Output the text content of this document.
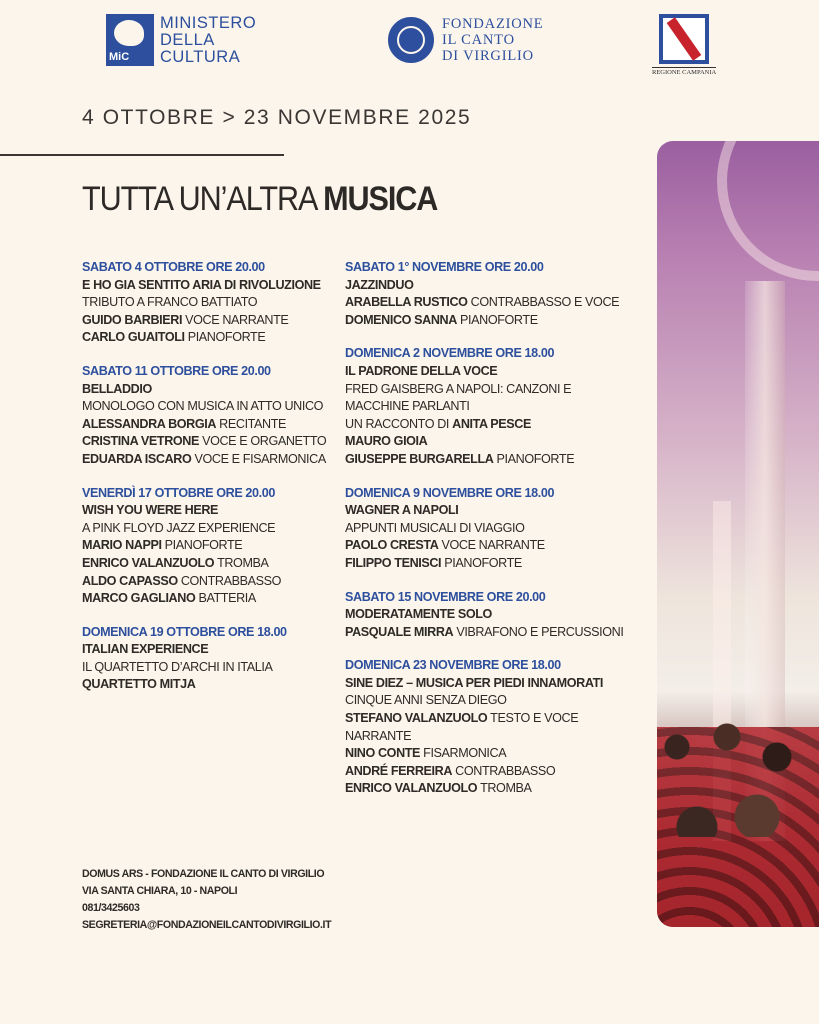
MiC
MINISTERO
DELLA
CULTURA
FONDAZIONE
IL CANTO
DI VIRGILIO
REGIONE CAMPANIA
4 OTTOBRE > 23 NOVEMBRE 2025
TUTTA UN’ALTRA MUSICA
SABATO 4 OTTOBRE ORE 20.00
E HO GIA SENTITO ARIA DI RIVOLUZIONE
TRIBUTO A FRANCO BATTIATO
GUIDO BARBIERI VOCE NARRANTE
CARLO GUAITOLI PIANOFORTE
SABATO 11 OTTOBRE ORE 20.00
BELLADDIO
MONOLOGO CON MUSICA IN ATTO UNICO
ALESSANDRA BORGIA RECITANTE
CRISTINA VETRONE VOCE E ORGANETTO
EDUARDA ISCARO VOCE E FISARMONICA
VENERDÌ 17 OTTOBRE ORE 20.00
WISH YOU WERE HERE
A PINK FLOYD JAZZ EXPERIENCE
MARIO NAPPI PIANOFORTE
ENRICO VALANZUOLO TROMBA
ALDO CAPASSO CONTRABBASSO
MARCO GAGLIANO BATTERIA
DOMENICA 19 OTTOBRE ORE 18.00
ITALIAN EXPERIENCE
IL QUARTETTO D’ARCHI IN ITALIA
QUARTETTO MITJA
SABATO 1° NOVEMBRE ORE 20.00
JAZZINDUO
ARABELLA RUSTICO CONTRABBASSO E VOCE
DOMENICO SANNA PIANOFORTE
DOMENICA 2 NOVEMBRE ORE 18.00
IL PADRONE DELLA VOCE
FRED GAISBERG A NAPOLI: CANZONI E MACCHINE PARLANTI
UN RACCONTO DI ANITA PESCE
MAURO GIOIA
GIUSEPPE BURGARELLA PIANOFORTE
DOMENICA 9 NOVEMBRE ORE 18.00
WAGNER A NAPOLI
APPUNTI MUSICALI DI VIAGGIO
PAOLO CRESTA VOCE NARRANTE
FILIPPO TENISCI PIANOFORTE
SABATO 15 NOVEMBRE ORE 20.00
MODERATAMENTE SOLO
PASQUALE MIRRA VIBRAFONO E PERCUSSIONI
DOMENICA 23 NOVEMBRE ORE 18.00
SINE DIEZ – MUSICA PER PIEDI INNAMORATI
CINQUE ANNI SENZA DIEGO
STEFANO VALANZUOLO TESTO E VOCE NARRANTE
NINO CONTE FISARMONICA
ANDRÉ FERREIRA CONTRABBASSO
ENRICO VALANZUOLO TROMBA
DOMUS ARS - FONDAZIONE IL CANTO DI VIRGILIO
VIA SANTA CHIARA, 10 - NAPOLI
081/3425603
SEGRETERIA@FONDAZIONEILCANTODIVIRGILIO.IT
